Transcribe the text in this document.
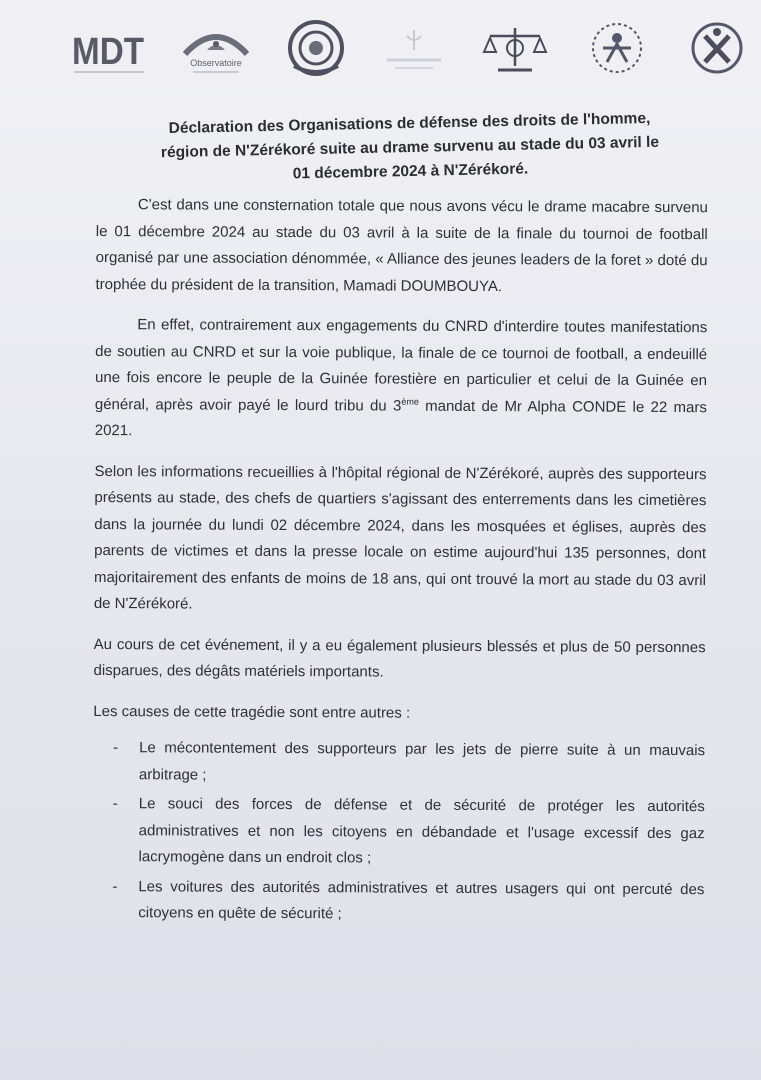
MDT	Observatoire
Déclaration des Organisations de défense des droits de l'homme,
région de N'Zérékoré suite au drame survenu au stade du 03 avril le
01 décembre 2024 à N'Zérékoré.

C'est dans une consternation totale que nous avons vécu le drame macabre survenu le 01 décembre 2024 au stade du 03 avril à la suite de la finale du tournoi de football organisé par une association dénommée, « Alliance des jeunes leaders de la foret » doté du trophée du président de la transition, Mamadi DOUMBOUYA.

En effet, contrairement aux engagements du CNRD d'interdire toutes manifestations de soutien au CNRD et sur la voie publique, la finale de ce tournoi de football, a endeuillé une fois encore le peuple de la Guinée forestière en particulier et celui de la Guinée en général, après avoir payé le lourd tribu du 3ème mandat de Mr Alpha CONDE le 22 mars 2021.

Selon les informations recueillies à l'hôpital régional de N'Zérékoré, auprès des supporteurs présents au stade, des chefs de quartiers s'agissant des enterrements dans les cimetières dans la journée du lundi 02 décembre 2024, dans les mosquées et églises, auprès des parents de victimes et dans la presse locale on estime aujourd'hui 135 personnes, dont majoritairement des enfants de moins de 18 ans, qui ont trouvé la mort au stade du 03 avril de N'Zérékoré.

Au cours de cet événement, il y a eu également plusieurs blessés et plus de 50 personnes disparues, des dégâts matériels importants.

Les causes de cette tragédie sont entre autres :

- Le mécontentement des supporteurs par les jets de pierre suite à un mauvais arbitrage ;
- Le souci des forces de défense et de sécurité de protéger les autorités administratives et non les citoyens en débandade et l'usage excessif des gaz lacrymogène dans un endroit clos ;
- Les voitures des autorités administratives et autres usagers qui ont percuté des citoyens en quête de sécurité ;
